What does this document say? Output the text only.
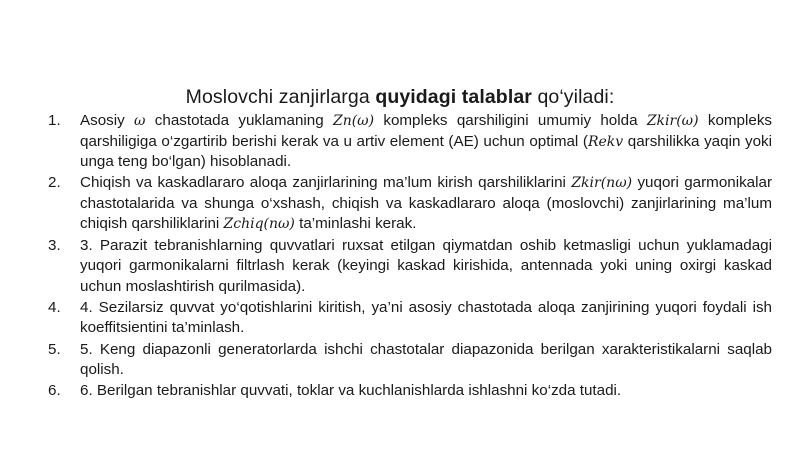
Moslovchi zanjirlarga quyidagi talablar qo‘yiladi:
1. Asosiy ω chastotada yuklamaning Zn(ω) kompleks qarshiligini umumiy holda Zkir(ω) kompleks qarshiligiga o‘zgartirib berishi kerak va u artiv element (AE) uchun optimal (Rekv qarshilikka yaqin yoki unga teng bo‘lgan) hisoblanadi.
2. Chiqish va kaskadlararo aloqa zanjirlarining ma’lum kirish qarshiliklarini Zkir(nω) yuqori garmonikalar chastotalarida va shunga o‘xshash, chiqish va kaskadlararo aloqa (moslovchi) zanjirlarining ma’lum chiqish qarshiliklarini Zchiq(nω) ta’minlashi kerak.
3. 3. Parazit tebranishlarning quvvatlari ruxsat etilgan qiymatdan oshib ketmasligi uchun yuklamadagi yuqori garmonikalarni filtrlash kerak (keyingi kaskad kirishida, antennada yoki uning oxirgi kaskad uchun moslashtirish qurilmasida).
4. 4. Sezilarsiz quvvat yo‘qotishlarini kiritish, ya’ni asosiy chastotada aloqa zanjirining yuqori foydali ish koeffitsientini ta’minlash.
5. 5. Keng diapazonli generatorlarda ishchi chastotalar diapazonida berilgan xarakteristikalarni saqlab qolish.
6. 6. Berilgan tebranishlar quvvati, toklar va kuchlanishlarda ishlashni ko‘zda tutadi.
